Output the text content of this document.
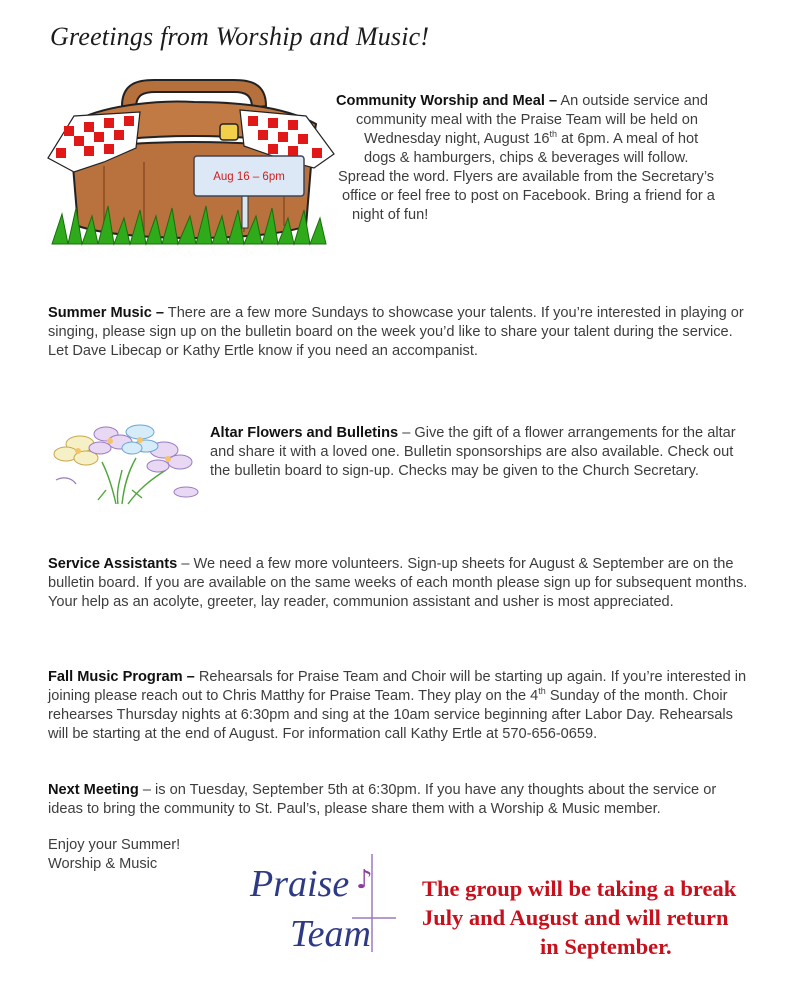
Greetings from Worship and Music!
Aug 16 – 6pm
Community Worship and Meal – An outside service and
community meal with the Praise Team will be held on
Wednesday night, August 16th at 6pm. A meal of hot
dogs & hamburgers, chips & beverages will follow.
Spread the word. Flyers are available from the Secretary’s
office or feel free to post on Facebook. Bring a friend for a
night of fun!
Summer Music – There are a few more Sundays to showcase your talents. If you’re interested in playing or singing, please sign up on the bulletin board on the week you’d like to share your talent during the service. Let Dave Libecap or Kathy Ertle know if you need an accompanist.
Altar Flowers and Bulletins – Give the gift of a flower arrangements for the altar and share it with a loved one. Bulletin sponsorships are also available. Check out the bulletin board to sign-up. Checks may be given to the Church Secretary.
Service Assistants – We need a few more volunteers. Sign-up sheets for August & September are on the bulletin board. If you are available on the same weeks of each month please sign up for subsequent months. Your help as an acolyte, greeter, lay reader, communion assistant and usher is most appreciated.
Fall Music Program – Rehearsals for Praise Team and Choir will be starting up again. If you’re interested in joining please reach out to Chris Matthy for Praise Team. They play on the 4th Sunday of the month. Choir rehearses Thursday nights at 6:30pm and sing at the 10am service beginning after Labor Day. Rehearsals will be starting at the end of August. For information call Kathy Ertle at 570-656-0659.
Next Meeting – is on Tuesday, September 5th at 6:30pm. If you have any thoughts about the service or ideas to bring the community to St. Paul’s, please share them with a Worship & Music member.
Enjoy your Summer!
Worship & Music
♪
Praise
Team
The group will be taking a break
July and August and will return
in September.
